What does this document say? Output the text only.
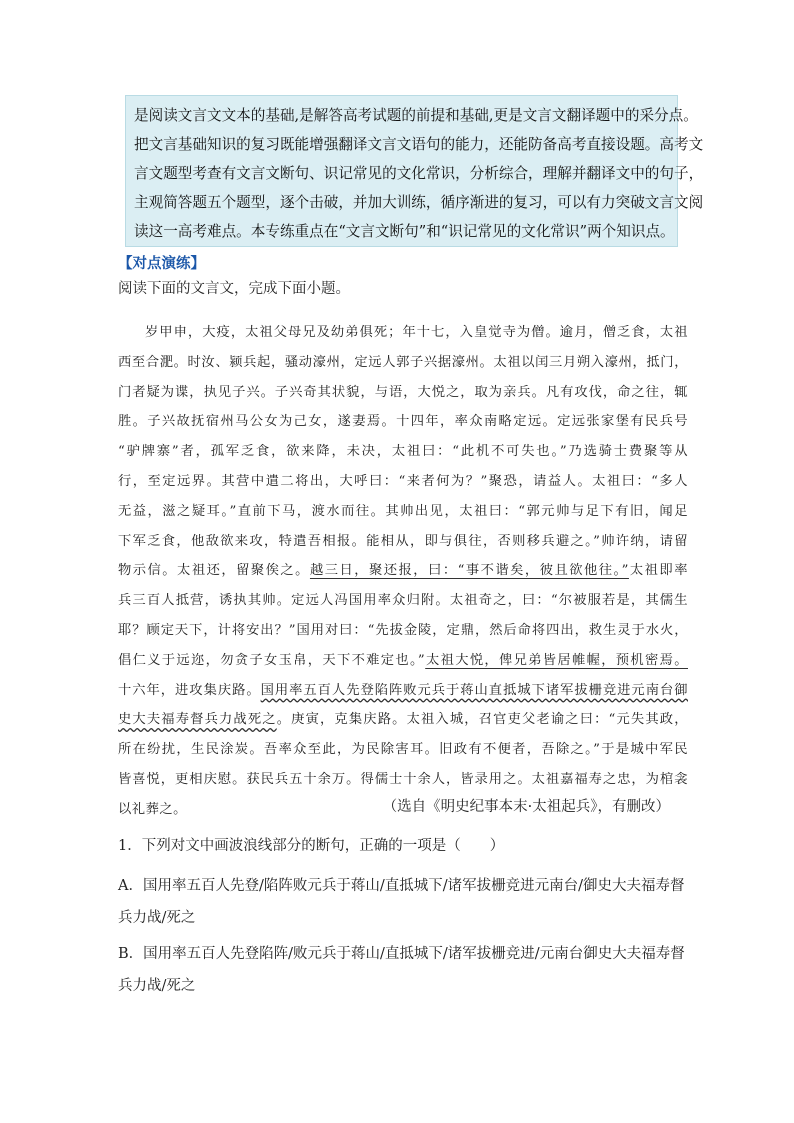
是阅读文言文文本的基础,是解答高考试题的前提和基础,更是文言文翻译题中的采分点。

把文言基础知识的复习既能增强翻译文言文语句的能力，还能防备高考直接设题。高考文

言文题型考查有文言文断句、识记常见的文化常识，分析综合，理解并翻译文中的句子，

主观简答题五个题型，逐个击破，并加大训练，循序渐进的复习，可以有力突破文言文阅

读这一高考难点。本专练重点在“文言文断句”和“识记常见的文化常识”两个知识点。

【对点演练】
阅读下面的文言文，完成下面小题。

岁甲申，大疫，太祖父母兄及幼弟俱死；年十七，入皇觉寺为僧。逾月，僧乏食，太祖

西至合淝。时汝、颍兵起，骚动濠州，定远人郭子兴据濠州。太祖以闰三月朔入濠州，抵门，

门者疑为谍，执见子兴。子兴奇其状貌，与语，大悦之，取为亲兵。凡有攻伐，命之往，辄

胜。子兴故抚宿州马公女为己女，遂妻焉。十四年，率众南略定远。定远张家堡有民兵号

“驴牌寨”者，孤军乏食，欲来降，未决，太祖曰：“此机不可失也。”乃选骑士费聚等从

行，至定远界。其营中遣二将出，大呼曰：“来者何为？”聚恐，请益人。太祖曰：“多人

无益，滋之疑耳。”直前下马，渡水而往。其帅出见，太祖曰：“郭元帅与足下有旧，闻足

下军乏食，他敌欲来攻，特遣吾相报。能相从，即与俱往，否则移兵避之。”帅许纳，请留

物示信。太祖还，留聚俟之。越三日，聚还报，曰：“事不谐矣，彼且欲他往。”太祖即率

兵三百人抵营，诱执其帅。定远人冯国用率众归附。太祖奇之，曰：“尔被服若是，其儒生

耶？顾定天下，计将安出？”国用对曰：“先拔金陵，定鼎，然后命将四出，救生灵于水火，

倡仁义于远迩，勿贪子女玉帛，天下不难定也。”太祖大悦，俾兄弟皆居帷幄，预机密焉。

十六年，进攻集庆路。国用率五百人先登陷阵败元兵于蒋山直抵城下诸军拔栅竞进元南台御

史大夫福寿督兵力战死之。庚寅，克集庆路。太祖入城，召官吏父老谕之曰：“元失其政，

所在纷扰，生民涂炭。吾率众至此，为民除害耳。旧政有不便者，吾除之。”于是城中军民

皆喜悦，更相庆慰。获民兵五十余万。得儒士十余人，皆录用之。太祖嘉福寿之忠，为棺衾

以礼葬之。	（选自《明史纪事本末·太祖起兵》，有删改）
1．下列对文中画波浪线部分的断句，正确的一项是（　　）

A．国用率五百人先登/陷阵败元兵于蒋山/直抵城下/诸军拔栅竞进元南台/御史大夫福寿督

兵力战/死之

B．国用率五百人先登陷阵/败元兵于蒋山/直抵城下/诸军拔栅竞进/元南台御史大夫福寿督

兵力战/死之
